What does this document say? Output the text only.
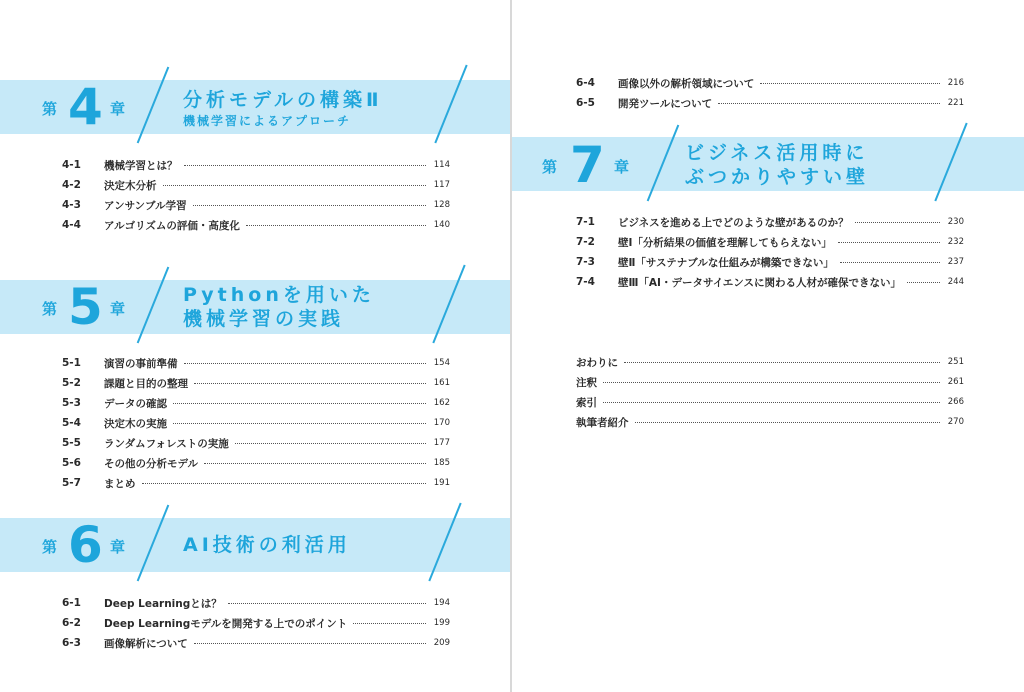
第 4 章	分析モデルの構築Ⅱ
機械学習によるアプローチ
4-1	機械学習とは？	114
4-2	決定木分析	117
4-3	アンサンブル学習	128
4-4	アルゴリズムの評価・高度化	140
第 5 章
Pythonを用いた
機械学習の実践
5-1	演習の事前準備	154
5-2	課題と目的の整理	161
5-3	データの確認	162
5-4	決定木の実施	170
5-5	ランダムフォレストの実施	177
5-6	その他の分析モデル	185
5-7	まとめ	191
第 6 章	AI技術の利活用
6-1	Deep Learningとは？	194
6-2	Deep Learningモデルを開発する上でのポイント	199
6-3	画像解析について	209
6-4	画像以外の解析領域について	216
6-5	開発ツールについて	221
第 7 章
ビジネス活用時に
ぶつかりやすい壁
7-1	ビジネスを進める上でどのような壁があるのか？	230
7-2	壁Ⅰ「分析結果の価値を理解してもらえない」	232
7-3	壁Ⅱ「サステナブルな仕組みが構築できない」	237
7-4	壁Ⅲ「AI・データサイエンスに関わる人材が確保できない」	244
おわりに	251
注釈	261
索引	266
執筆者紹介	270
